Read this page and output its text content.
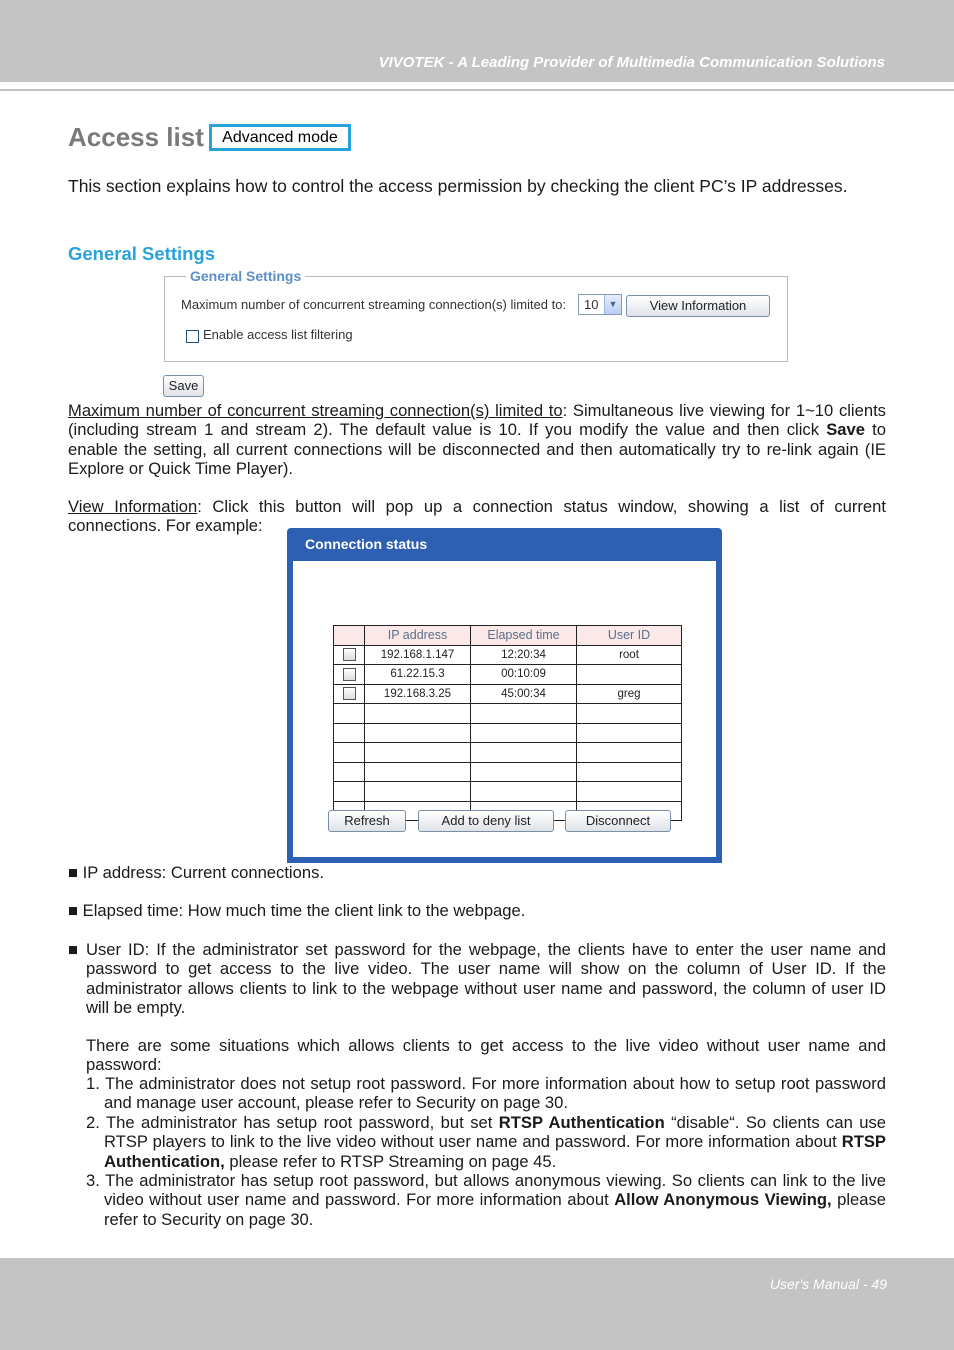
VIVOTEK - A Leading Provider of Multimedia Communication Solutions
Access list	Advanced mode
This section explains how to control the access permission by checking the client PC’s IP addresses.
General Settings
General Settings
Maximum number of concurrent streaming connection(s) limited to:	10	▼	View Information
Enable access list filtering
Save
Maximum number of concurrent streaming connection(s) limited to: Simultaneous live viewing for 1~10 clients (including stream 1 and stream 2). The default value is 10. If you modify the value and then click Save to enable the setting, all current connections will be disconnected and then automatically try to re-link again (IE Explore or Quick Time Player).
View Information: Click this button will pop up a connection status window, showing a list of current connections. For example:
Connection status
	IP address	Elapsed time	User ID
	192.168.1.147	12:20:34	root
	61.22.15.3	00:10:09	
	192.168.3.25	45:00:34	greg

Refresh	Add to deny list	Disconnect
■ IP address: Current connections.
■ Elapsed time: How much time the client link to the webpage.
■ User ID: If the administrator set password for the webpage, the clients have to enter the user name and password to get access to the live video. The user name will show on the column of User ID. If the administrator allows clients to link to the webpage without user name and password, the column of user ID will be empty.
There are some situations which allows clients to get access to the live video without user name and password:
1. The administrator does not setup root password. For more information about how to setup root password and manage user account, please refer to Security on page 30.
2. The administrator has setup root password, but set RTSP Authentication “disable“. So clients can use RTSP players to link to the live video without user name and password. For more information about RTSP Authentication, please refer to RTSP Streaming on page 45.
3. The administrator has setup root password, but allows anonymous viewing. So clients can link to the live video without user name and password. For more information about Allow Anonymous Viewing, please refer to Security on page 30.
User's Manual - 49
